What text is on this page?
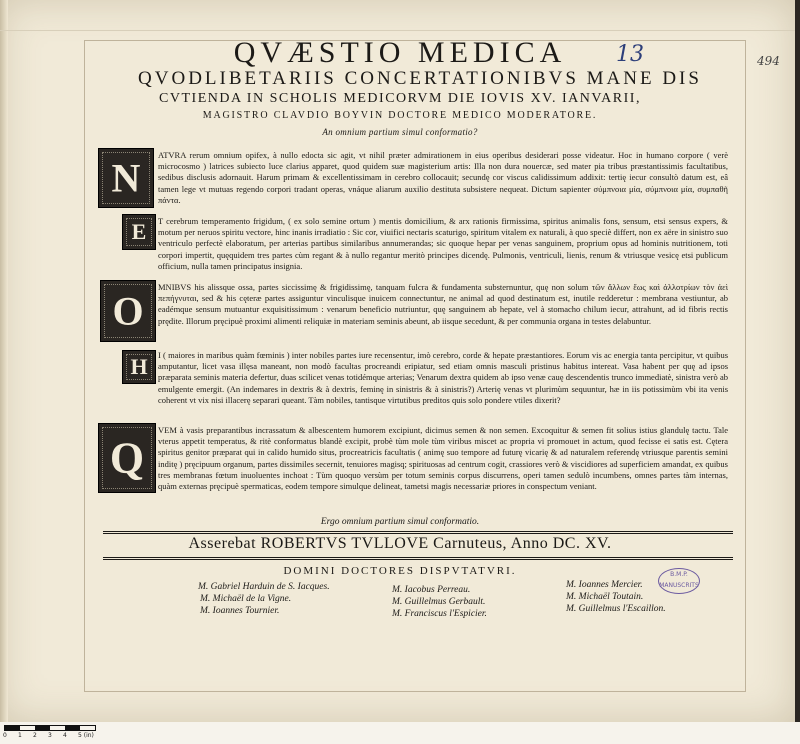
13	494
QVÆSTIO MEDICA
QVODLIBETARIIS CONCERTATIONIBVS MANE DIS
CVTIENDA IN SCHOLIS MEDICORVM DIE IOVIS XV. IANVARII,
MAGISTRO CLAVDIO BOYVIN DOCTORE MEDICO MODERATORE.
An omnium partium simul conformatio?
N
ATVRA rerum omnium opifex, à nullo edocta sic agit, vt nihil præter admirationem in eius operibus desiderari posse videatur. Hoc in humano corpore ( verè microcosmo ) latrices subiecto luce clarius apparet, quod quidem suæ magisterium artis: Illa non dura nouercæ, sed mater pia tribus præstantissimis facultatibus, sedibus disclusis adornauit. Harum primam & excellentissimam in cerebro collocauit; secundę cor viscus calidissimum addixit: tertię iecur consultò datum est, eâ tamen lege vt mutuas regendo corpori tradant operas, vnáque aliarum auxilio destituta subsistere nequeat. Dictum sapienter σύμπνοια μία, σύμπνοια μία, συμπαθῆ πάντα.
E	T cerebrum temperamento frigidum, ( ex solo semine ortum ) mentis domicilium, & arx rationis firmissima, spiritus animalis fons, sensum, etsi sensus expers, & motum per neruos spiritu vectore, hinc inanis irradiatio : Sic cor, viuifici nectaris scaturigo, spiritum vitalem ex naturali, à quo speciè differt, non ex aëre in sinistro suo ventriculo perfectè elaboratum, per arterias partibus similaribus annumerandas; sic quoque hepar per venas sanguinem, proprium opus ad hominis nutritionem, toti corpori impertit, quęquidem tres partes cùm regant & à nullo regantur meritò principes dicendę. Pulmonis, ventriculi, lienis, renum & vtriusque vesicę etsi publicum officium, nulla tamen principatus insignia.
O
MNIBVS his alissque ossa, partes siccissimę & frigidissimę, tanquam fulcra & fundamenta substernuntur, quę non solum τῶν ἄλλων ἕως καὶ ἀλλοτρίων τὸν ἀεὶ πεπήγνυται, sed & his cęteræ partes assiguntur vinculisque inuicem connectuntur, ne animal ad quod destinatum est, inutile redderetur : membrana vestiuntur, ab eadémque sensum mutuantur exquisitissimum : venarum beneficio nutriuntur, quę sanguinem ab hepate, vel à stomacho chilum iecur, attrahunt, ad id fibris rectis prędite. Illorum pręcipuè proximi alimenti reliquiæ in materiam seminis abeunt, ab iisque secedunt, & per communia organa in testes delabuntur.
H	I ( maiores in maribus quàm fœminis ) inter nobiles partes iure recensentur, imò cerebro, corde & hepate præstantiores. Eorum vis ac energia tanta percipitur, vt quibus amputantur, licet vasa illęsa maneant, non modò facultas procreandi eripiatur, sed etiam omnis masculi pristinus habitus intereat. Vasa habent per quę ad ipsos præparata seminis materia defertur, duas scilicet venas totidémque arterias; Venarum dextra quidem ab ipso venæ cauę descendentis trunco immediatè, sinistra verò ab emulgente emergit. (An indemares in dextris & à dextris, feminę in sinistris & à sinistris?) Arterię venas vt plurimùm sequuntur, hæ in iis potissimùm vbi ita venis coherent vt vix nisi illacerę separari queant. Tàm nobiles, tantisque virtutibus preditos quis solo pondere vtiles dixerit?
Q
VEM à vasis preparantibus incrassatum & albescentem humorem excipiunt, dicimus semen & non semen. Excoquitur & semen fit solius istius glandulę tactu. Tale vterus appetit temperatus, & ritè conformatus blandè excipit, probè tùm mole tùm viribus miscet ac propria vi promouet in actum, quod fecisse ei satis est. Cętera spiritus genitor præparat qui in calido humido situs, procreatricis facultatis ( animę suo tempore ad futurę vicarię & ad naturalem referendę vtriusque parentis semini inditę ) pręcipuum organum, partes dissimiles secernit, tenuiores magisq; spirituosas ad centrum cogit, crassiores verò & viscidiores ad superficiem amandat, ex quibus tres membranas fœtum inuoluentes inchoat : Tùm quoquo versùm per totum seminis corpus discurrens, operi tamen sedulò incumbens, omnes partes tàm internas, quàm externas pręcipuè spermaticas, eodem tempore simulque delineat, tametsi magis necessariæ priores in conspectum veniant.
Ergo omnium partium simul conformatio.
Asserebat ROBERTVS TVLLOVE Carnuteus, Anno DC. XV.
DOMINI DOCTORES DISPVTATVRI.
M. Gabriel Harduin de S. Iacques.
M. Michaël de la Vigne.
M. Ioannes Tournier.
M. Iacobus Perreau.
M. Guillelmus Gerbault.
M. Franciscus l'Espicier.
M. Ioannes Mercier.
M. Michaël Toutain.
M. Guillelmus l'Escaillon.
B.M.P. MANUSCRITS
0 1 2 3 4 5 (in)
